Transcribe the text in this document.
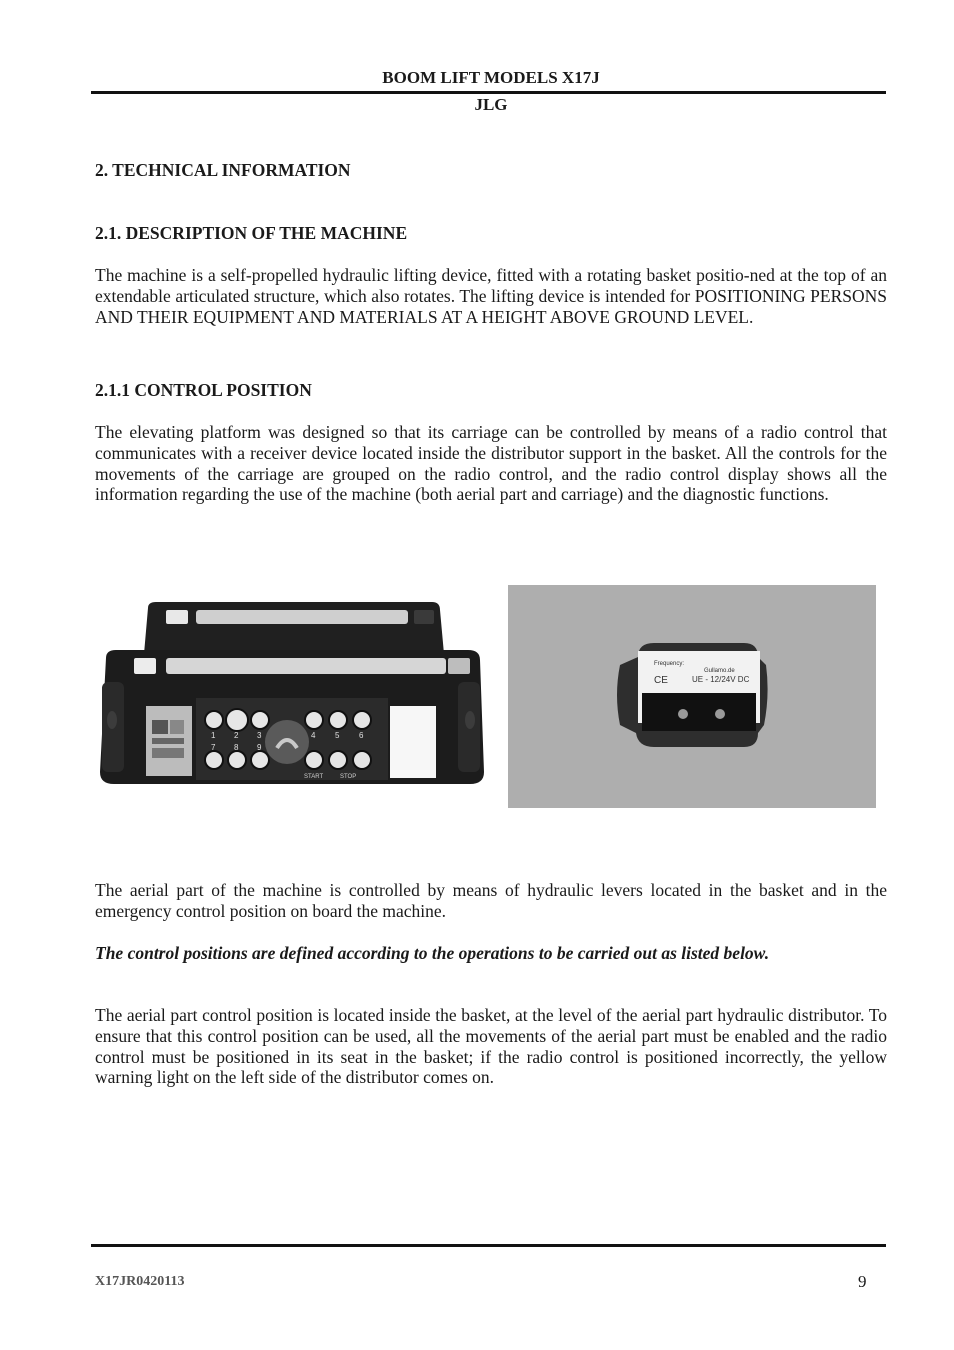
BOOM LIFT MODELS X17J
JLG
2. TECHNICAL INFORMATION
2.1. DESCRIPTION OF THE MACHINE
The machine is a self-propelled hydraulic lifting device, fitted with a rotating basket positio-ned at the top of an extendable articulated structure, which also rotates. The lifting device is intended for POSITIONING PERSONS AND THEIR EQUIPMENT AND MATERIALS AT A HEIGHT ABOVE GROUND LEVEL.
2.1.1 CONTROL POSITION
The elevating platform was designed so that its carriage can be controlled by means of a radio control that communicates with a receiver device located inside the distributor support in the basket. All the controls for the movements of the carriage are grouped on the radio control, and the radio control display shows all the information regarding the use of the machine (both aerial part and carriage) and the diagnostic functions.
1 2 3	4 5 6
7 8 9
START	STOP
Frequency:
Gullamo.de
CE	UE - 12/24V DC
The aerial part of the machine is controlled by means of hydraulic levers located in the basket and in the emergency control position on board the machine.
The control positions are defined according to the operations to be carried out as listed below.
The aerial part control position is located inside the basket, at the level of the aerial part hydraulic distributor. To ensure that this control position can be used, all the movements of the aerial part must be enabled and the radio control must be positioned in its seat in the basket; if the radio control is positioned incorrectly, the yellow warning light on the left side of the distributor comes on.
X17JR0420113	9
